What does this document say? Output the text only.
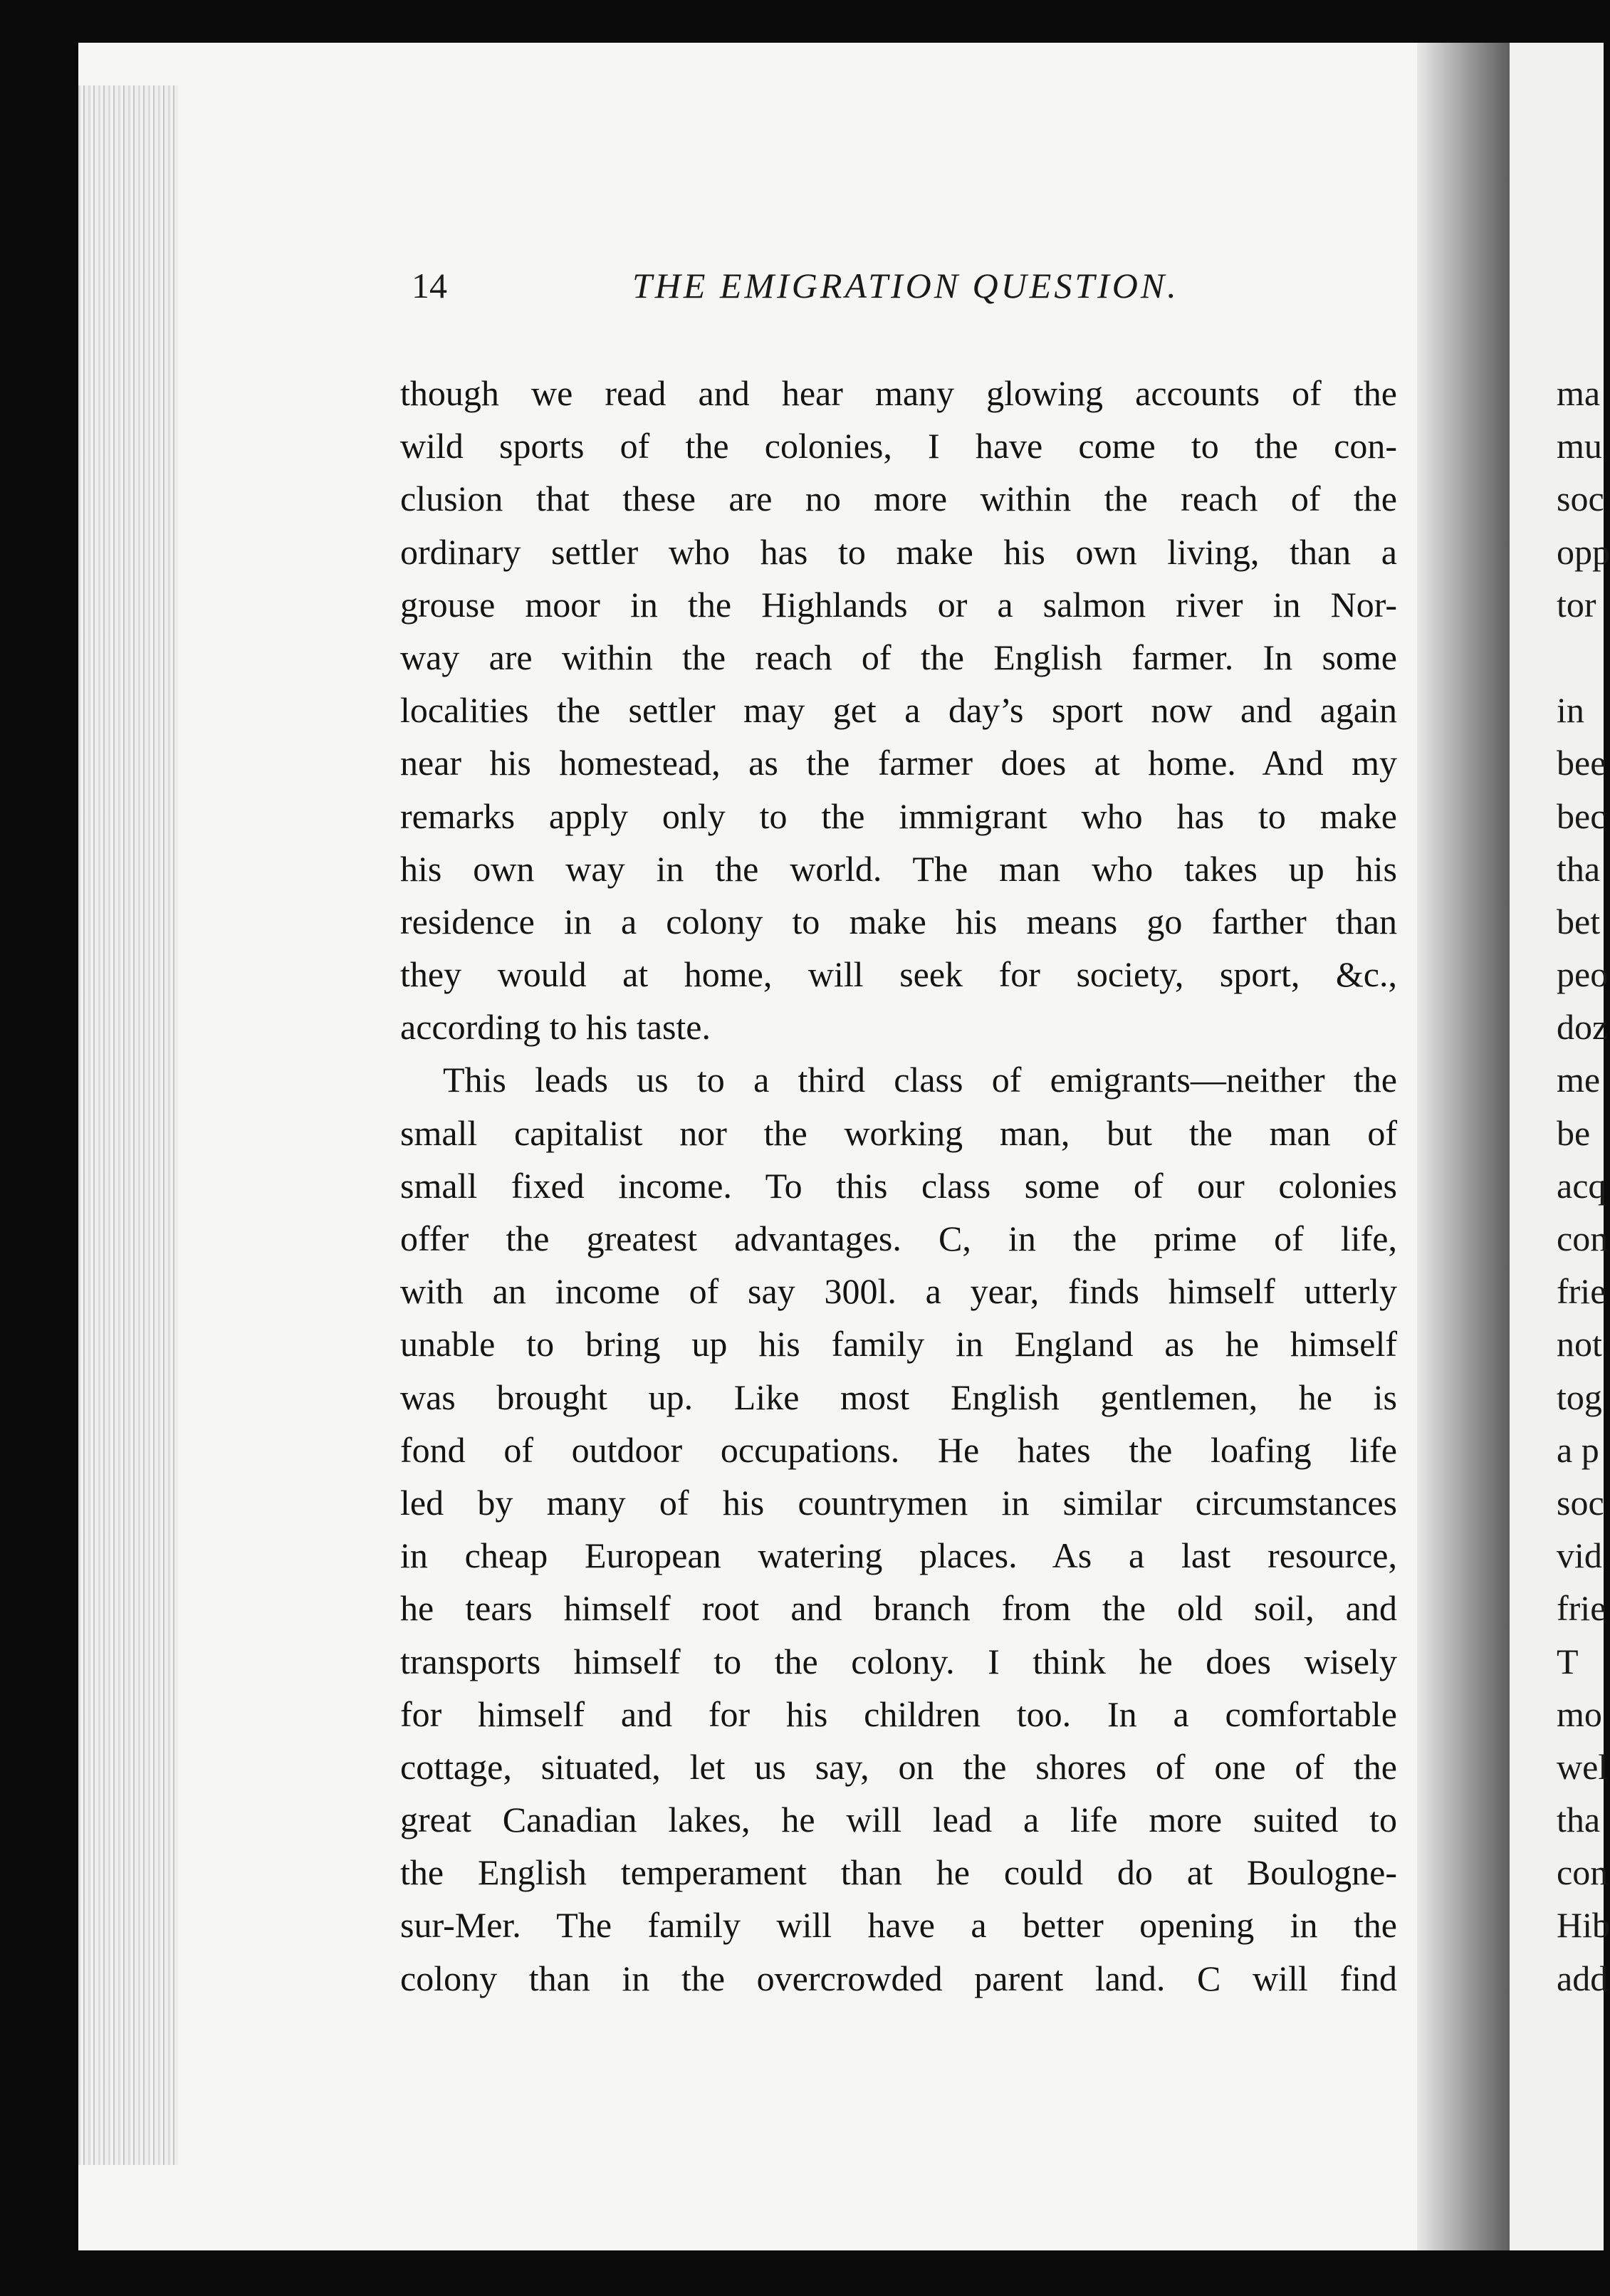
14	THE EMIGRATION QUESTION.
though we read and hear many glowing accounts of the
wild sports of the colonies, I have come to the con-
clusion that these are no more within the reach of the
ordinary settler who has to make his own living, than a
grouse moor in the Highlands or a salmon river in Nor-
way are within the reach of the English farmer. In some
localities the settler may get a day’s sport now and again
near his homestead, as the farmer does at home. And my
remarks apply only to the immigrant who has to make
his own way in the world. The man who takes up his
residence in a colony to make his means go farther than
they would at home, will seek for society, sport, &c.,
according to his taste.
This leads us to a third class of emigrants—neither the
small capitalist nor the working man, but the man of
small fixed income. To this class some of our colonies
offer the greatest advantages. C, in the prime of life,
with an income of say 300l. a year, finds himself utterly
unable to bring up his family in England as he himself
was brought up. Like most English gentlemen, he is
fond of outdoor occupations. He hates the loafing life
led by many of his countrymen in similar circumstances
in cheap European watering places. As a last resource,
he tears himself root and branch from the old soil, and
transports himself to the colony. I think he does wisely
for himself and for his children too. In a comfortable
cottage, situated, let us say, on the shores of one of the
great Canadian lakes, he will lead a life more suited to
the English temperament than he could do at Boulogne-
sur-Mer. The family will have a better opening in the
colony than in the overcrowded parent land. C will find
ma
mu
soc
opp
tor
in
bee
bec
tha
bet
peo
doz
me
be
acq
con
frie
not
tog
a p
soc
vid
frie
T
mo
wel
tha
con
Hib
add
